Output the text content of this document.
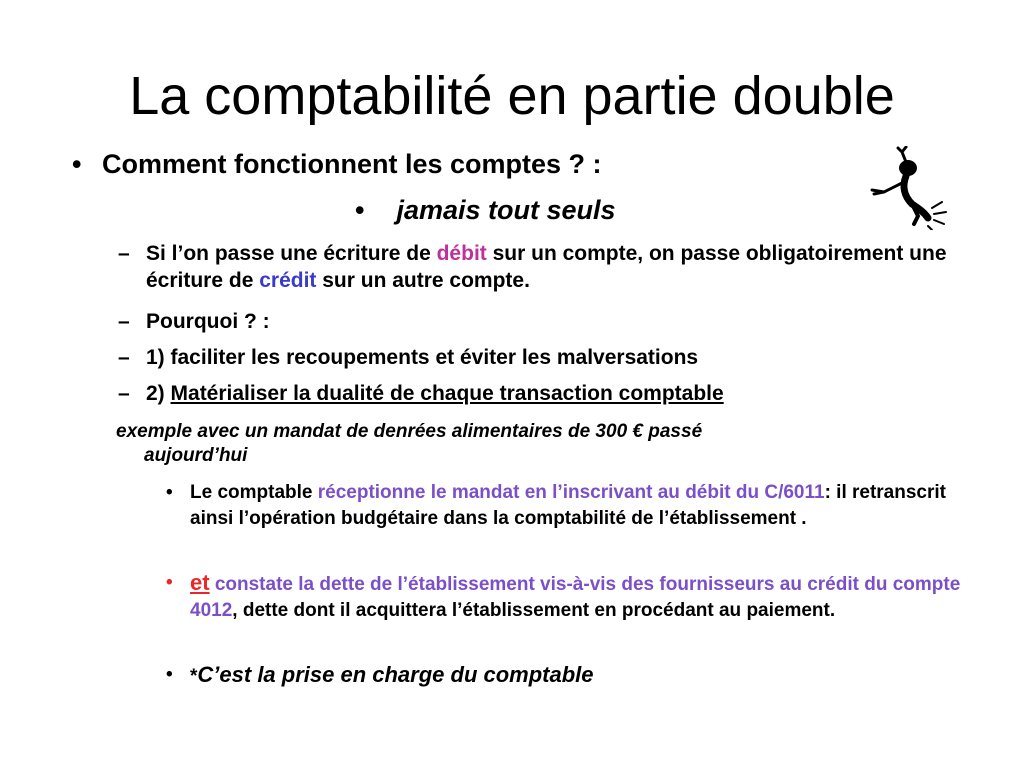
La comptabilité en partie double
• Comment fonctionnent les comptes ? :
• jamais tout seuls
– Si l’on passe une écriture de débit sur un compte, on passe obligatoirement une écriture de crédit sur un autre compte.
– Pourquoi ? :
– 1) faciliter les recoupements et éviter les malversations
– 2) Matérialiser la dualité de chaque transaction comptable
exemple avec un mandat de denrées alimentaires de 300 € passé
aujourd’hui
• Le comptable réceptionne le mandat en l’inscrivant au débit du C/6011: il retranscrit ainsi l’opération budgétaire dans la comptabilité de l’établissement .
• et constate la dette de l’établissement vis-à-vis des fournisseurs au crédit du compte 4012, dette dont il acquittera l’établissement en procédant au paiement.
• *C’est la prise en charge du comptable
